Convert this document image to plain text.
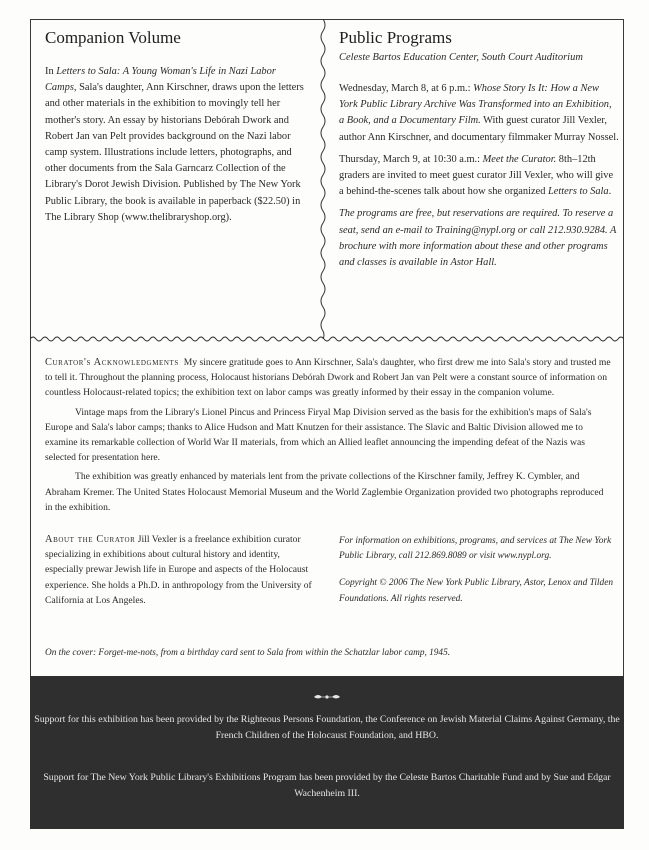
Companion Volume

In Letters to Sala: A Young Woman's Life in Nazi Labor Camps, Sala's daughter, Ann Kirschner, draws upon the letters and other materials in the exhibition to movingly tell her mother's story. An essay by historians Debórah Dwork and Robert Jan van Pelt provides background on the Nazi labor camp system. Illustrations include letters, photographs, and other documents from the Sala Garncarz Collection of the Library's Dorot Jewish Division. Published by The New York Public Library, the book is available in paperback ($22.50) in The Library Shop (www.thelibraryshop.org).

Public Programs
Celeste Bartos Education Center, South Court Auditorium

Wednesday, March 8, at 6 p.m.: Whose Story Is It: How a New York Public Library Archive Was Transformed into an Exhibition, a Book, and a Documentary Film. With guest curator Jill Vexler, author Ann Kirschner, and documentary filmmaker Murray Nossel.

Thursday, March 9, at 10:30 a.m.: Meet the Curator. 8th–12th graders are invited to meet guest curator Jill Vexler, who will give a behind-the-scenes talk about how she organized Letters to Sala.

The programs are free, but reservations are required. To reserve a seat, send an e-mail to Training@nypl.org or call 212.930.9284. A brochure with more information about these and other programs and classes is available in Astor Hall.

Curator's Acknowledgments My sincere gratitude goes to Ann Kirschner, Sala's daughter, who first drew me into Sala's story and trusted me to tell it. Throughout the planning process, Holocaust historians Debórah Dwork and Robert Jan van Pelt were a constant source of information on countless Holocaust-related topics; the exhibition text on labor camps was greatly informed by their essay in the companion volume.

Vintage maps from the Library's Lionel Pincus and Princess Firyal Map Division served as the basis for the exhibition's maps of Sala's Europe and Sala's labor camps; thanks to Alice Hudson and Matt Knutzen for their assistance. The Slavic and Baltic Division allowed me to examine its remarkable collection of World War II materials, from which an Allied leaflet announcing the impending defeat of the Nazis was selected for presentation here.

The exhibition was greatly enhanced by materials lent from the private collections of the Kirschner family, Jeffrey K. Cymbler, and Abraham Kremer. The United States Holocaust Memorial Museum and the World Zaglembie Organization provided two photographs reproduced in the exhibition.

About the Curator Jill Vexler is a freelance exhibition curator specializing in exhibitions about cultural history and identity, especially prewar Jewish life in Europe and aspects of the Holocaust experience. She holds a Ph.D. in anthropology from the University of California at Los Angeles.

For information on exhibitions, programs, and services at The New York Public Library, call 212.869.8089 or visit www.nypl.org.

Copyright © 2006 The New York Public Library, Astor, Lenox and Tilden Foundations. All rights reserved.

On the cover: Forget-me-nots, from a birthday card sent to Sala from within the Schatzlar labor camp, 1945.

Support for this exhibition has been provided by the Righteous Persons Foundation, the Conference on Jewish Material Claims Against Germany, the French Children of the Holocaust Foundation, and HBO.

Support for The New York Public Library's Exhibitions Program has been provided by the Celeste Bartos Charitable Fund and by Sue and Edgar Wachenheim III.
